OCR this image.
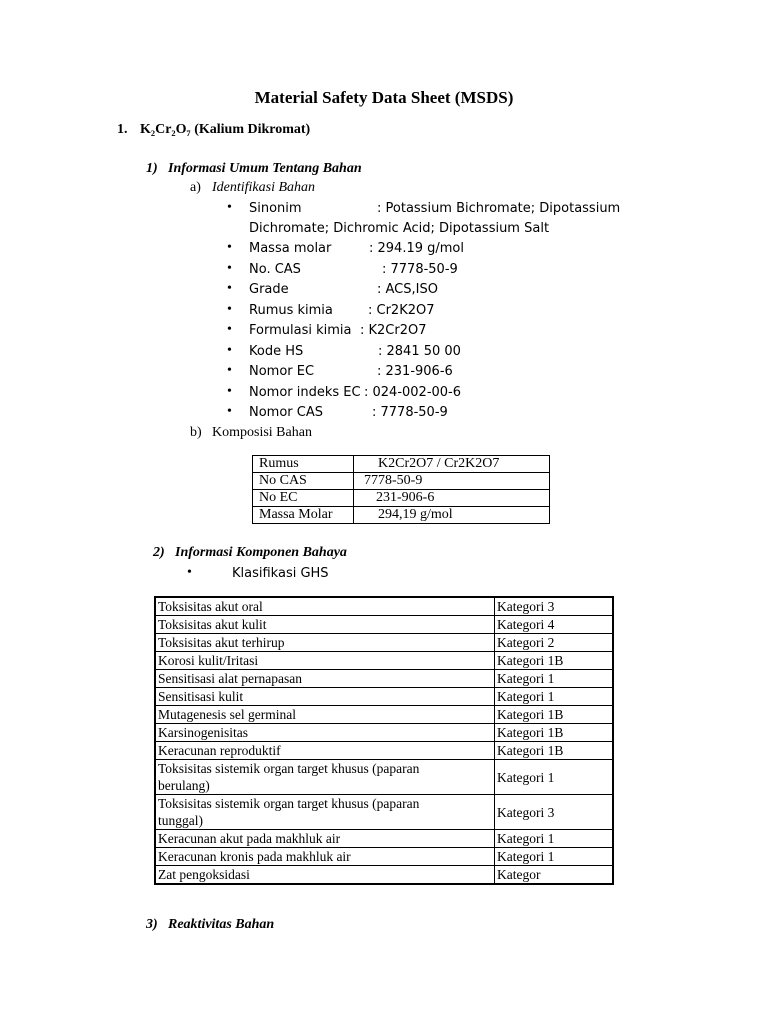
Material Safety Data Sheet (MSDS)
1. K₂Cr₂O₇ (Kalium Dikromat)
1) Informasi Umum Tentang Bahan
a) Identifikasi Bahan
• Sinonim	: Potassium Bichromate; Dipotassium
Dichromate; Dichromic Acid; Dipotassium Salt
• Massa molar	: 294.19 g/mol
• No. CAS	: 7778-50-9
• Grade	: ACS,ISO
• Rumus kimia	: Cr2K2O7
• Formulasi kimia : K2Cr2O7
• Kode HS	: 2841 50 00
• Nomor EC	: 231-906-6
• Nomor indeks EC : 024-002-00-6
• Nomor CAS	: 7778-50-9
b) Komposisi Bahan
Rumus	K2Cr2O7 / Cr2K2O7
No CAS	7778-50-9
No EC	231-906-6
Massa Molar	294,19 g/mol
2) Informasi Komponen Bahaya
•	Klasifikasi GHS
Toksisitas akut oral	Kategori 3
Toksisitas akut kulit	Kategori 4
Toksisitas akut terhirup	Kategori 2
Korosi kulit/Iritasi	Kategori 1B
Sensitisasi alat pernapasan	Kategori 1
Sensitisasi kulit	Kategori 1
Mutagenesis sel germinal	Kategori 1B
Karsinogenisitas	Kategori 1B
Keracunan reproduktif	Kategori 1B
Toksisitas sistemik organ target khusus (paparan berulang)	Kategori 1
Toksisitas sistemik organ target khusus (paparan tunggal)	Kategori 3
Keracunan akut pada makhluk air	Kategori 1
Keracunan kronis pada makhluk air	Kategori 1
Zat pengoksidasi	Kategor
3) Reaktivitas Bahan
